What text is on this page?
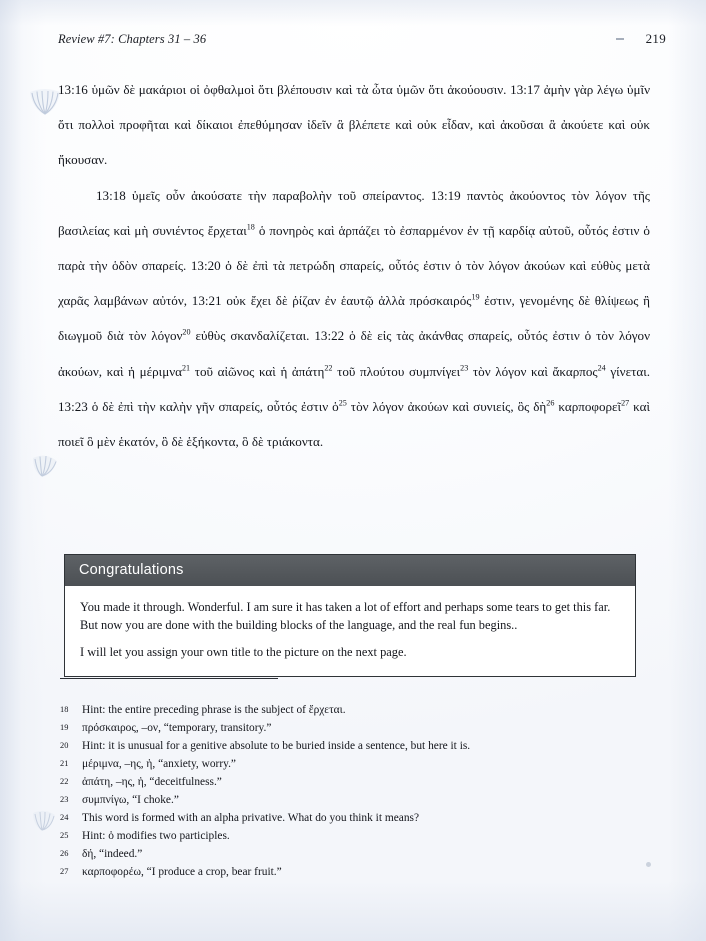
Review #7: Chapters 31 – 36	219

13:16 ὑμῶν δὲ μακάριοι οἱ ὀφθαλμοὶ ὅτι βλέπουσιν καὶ τὰ ὦτα ὑμῶν ὅτι ἀκούουσιν. 13:17 ἀμὴν γὰρ λέγω ὑμῖν ὅτι πολλοὶ προφῆται καὶ δίκαιοι ἐπεθύμησαν ἰδεῖν ἃ βλέπετε καὶ οὐκ εἶδαν, καὶ ἀκοῦσαι ἃ ἀκούετε καὶ οὐκ ἤκουσαν.

13:18 ὑμεῖς οὖν ἀκούσατε τὴν παραβολὴν τοῦ σπείραντος. 13:19 παντὸς ἀκούοντος τὸν λόγον τῆς βασιλείας καὶ μὴ συνιέντος ἔρχεται$^{18}$ ὁ πονηρὸς καὶ ἁρπάζει τὸ ἐσπαρμένον ἐν τῇ καρδίᾳ αὐτοῦ, οὗτός ἐστιν ὁ παρὰ τὴν ὁδὸν σπαρείς. 13:20 ὁ δὲ ἐπὶ τὰ πετρώδη σπαρείς, οὗτός ἐστιν ὁ τὸν λόγον ἀκούων καὶ εὐθὺς μετὰ χαρᾶς λαμβάνων αὐτόν, 13:21 οὐκ ἔχει δὲ ῥίζαν ἐν ἑαυτῷ ἀλλὰ πρόσκαιρός$^{19}$ ἐστιν, γενομένης δὲ θλίψεως ἢ διωγμοῦ διὰ τὸν λόγον$^{20}$ εὐθὺς σκανδαλίζεται. 13:22 ὁ δὲ εἰς τὰς ἀκάνθας σπαρείς, οὗτός ἐστιν ὁ τὸν λόγον ἀκούων, καὶ ἡ μέριμνα$^{21}$ τοῦ αἰῶνος καὶ ἡ ἀπάτη$^{22}$ τοῦ πλούτου συμπνίγει$^{23}$ τὸν λόγον καὶ ἄκαρπος$^{24}$ γίνεται. 13:23 ὁ δὲ ἐπὶ τὴν καλὴν γῆν σπαρείς, οὗτός ἐστιν ὁ$^{25}$ τὸν λόγον ἀκούων καὶ συνιείς, ὃς δὴ$^{26}$ καρποφορεῖ$^{27}$ καὶ ποιεῖ ὃ μὲν ἑκατόν, ὃ δὲ ἑξήκοντα, ὃ δὲ τριάκοντα.

Congratulations

You made it through. Wonderful. I am sure it has taken a lot of effort and perhaps some tears to get this far. But now you are done with the building blocks of the language, and the real fun begins..

I will let you assign your own title to the picture on the next page.

18	Hint: the entire preceding phrase is the subject of ἔρχεται.
19	πρόσκαιρος, –ον, “temporary, transitory.”
20	Hint: it is unusual for a genitive absolute to be buried inside a sentence, but here it is.
21	μέριμνα, –ης, ἡ, “anxiety, worry.”
22	ἀπάτη, –ης, ἡ, “deceitfulness.”
23	συμπνίγω, “I choke.”
24	This word is formed with an alpha privative. What do you think it means?
25	Hint: ὁ modifies two participles.
26	δή, “indeed.”
27	καρποφορέω, “I produce a crop, bear fruit.”
